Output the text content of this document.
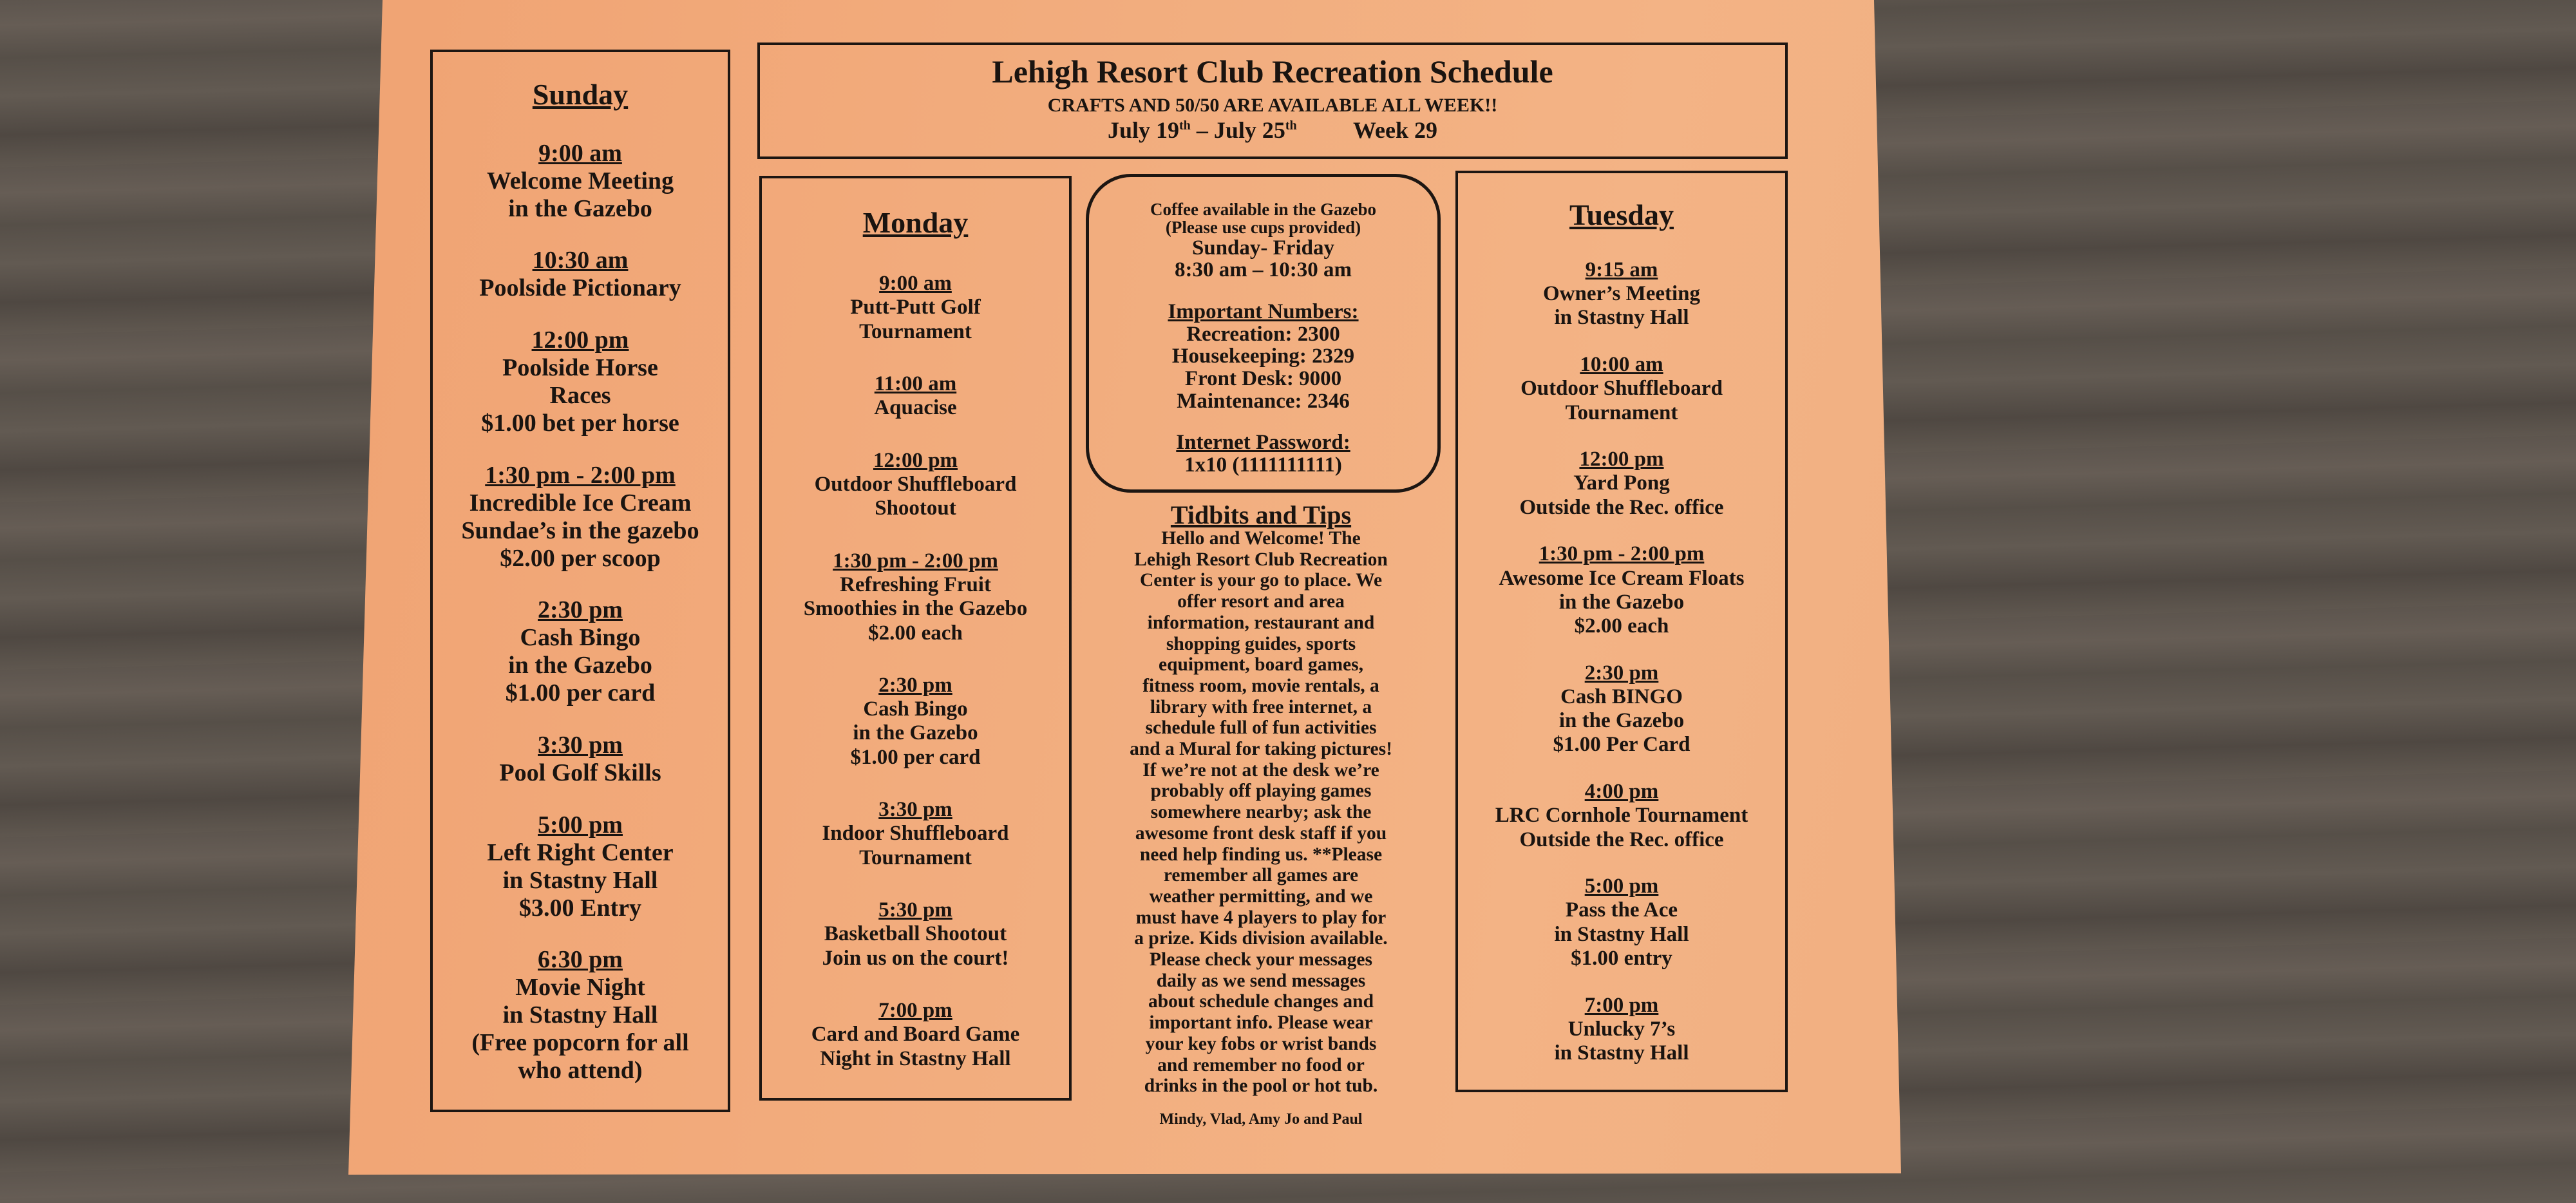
Lehigh Resort Club Recreation Schedule
CRAFTS AND 50/50 ARE AVAILABLE ALL WEEK!!
July 19th – July 25th Week 29
Sunday
9:00 am
Welcome Meeting
in the Gazebo
10:30 am
Poolside Pictionary
12:00 pm
Poolside Horse
Races
$1.00 bet per horse
1:30 pm - 2:00 pm
Incredible Ice Cream
Sundae’s in the gazebo
$2.00 per scoop
2:30 pm
Cash Bingo
in the Gazebo
$1.00 per card
3:30 pm
Pool Golf Skills
5:00 pm
Left Right Center
in Stastny Hall
$3.00 Entry
6:30 pm
Movie Night
in Stastny Hall
(Free popcorn for all
who attend)
Monday
9:00 am
Putt-Putt Golf
Tournament
11:00 am
Aquacise
12:00 pm
Outdoor Shuffleboard
Shootout
1:30 pm - 2:00 pm
Refreshing Fruit
Smoothies in the Gazebo
$2.00 each
2:30 pm
Cash Bingo
in the Gazebo
$1.00 per card
3:30 pm
Indoor Shuffleboard
Tournament
5:30 pm
Basketball Shootout
Join us on the court!
7:00 pm
Card and Board Game
Night in Stastny Hall
Tuesday
9:15 am
Owner’s Meeting
in Stastny Hall
10:00 am
Outdoor Shuffleboard
Tournament
12:00 pm
Yard Pong
Outside the Rec. office
1:30 pm - 2:00 pm
Awesome Ice Cream Floats
in the Gazebo
$2.00 each
2:30 pm
Cash BINGO
in the Gazebo
$1.00 Per Card
4:00 pm
LRC Cornhole Tournament
Outside the Rec. office
5:00 pm
Pass the Ace
in Stastny Hall
$1.00 entry
7:00 pm
Unlucky 7’s
in Stastny Hall
Coffee available in the Gazebo
(Please use cups provided)
Sunday- Friday
8:30 am – 10:30 am
Important Numbers:
Recreation: 2300
Housekeeping: 2329
Front Desk: 9000
Maintenance: 2346
Internet Password:
1x10 (1111111111)
Tidbits and Tips
Hello and Welcome! The
Lehigh Resort Club Recreation
Center is your go to place. We
offer resort and area
information, restaurant and
shopping guides, sports
equipment, board games,
fitness room, movie rentals, a
library with free internet, a
schedule full of fun activities
and a Mural for taking pictures!
If we’re not at the desk we’re
probably off playing games
somewhere nearby; ask the
awesome front desk staff if you
need help finding us. **Please
remember all games are
weather permitting, and we
must have 4 players to play for
a prize. Kids division available.
Please check your messages
daily as we send messages
about schedule changes and
important info. Please wear
your key fobs or wrist bands
and remember no food or
drinks in the pool or hot tub.
Mindy, Vlad, Amy Jo and Paul
